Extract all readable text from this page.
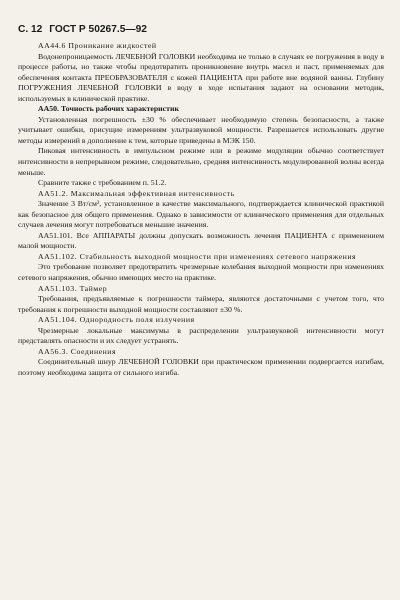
С. 12 ГОСТ Р 50267.5—92

АА44.6 Проникание жидкостей

Водонепроницаемость ЛЕЧЕБНОЙ ГОЛОВКИ необходима не только в случаях ее погружения в воду в процессе работы, но также чтобы предотвратить проникновение внутрь масел и паст, применяемых для обеспечения контакта ПРЕОБРАЗОВАТЕЛЯ с кожей ПАЦИЕНТА при работе вне водяной ванны. Глубину ПОГРУЖЕНИЯ ЛЕЧЕБНОЙ ГОЛОВКИ в воду в ходе испытания задают на основании методик, используемых в клинической практике.

АА50. Точность рабочих характеристик

Установленная погрешность ±30 % обеспечивает необходимую степень безопасности, а также учитывает ошибки, присущие измерениям ультразвуковой мощности. Разрешается использовать другие методы измерений в дополнение к тем, которые приведены в МЭК 150.

Пиковая интенсивность в импульсном режиме или в режиме модуляции обычно соответствует интенсивности в непрерывном режиме, следовательно, средняя интенсивность модулированной волны всегда меньше.

Сравните также с требованием п. 51.2.

АА51.2. Максимальная эффективная интенсивность

Значение 3 Вт/см², установленное в качестве максимального, подтверждается клинической практикой как безопасное для общего применения. Однако в зависимости от клинического применения для отдельных случаев лечения могут потребоваться меньшие значения.

АА51.101. Все АППАРАТЫ должны допускать возможность лечения ПАЦИЕНТА с применением малой мощности.

АА51.102. Стабильность выходной мощности при изменениях сетевого напряжения

Это требование позволяет предотвратить чрезмерные колебания выходной мощности при изменениях сетевого напряжения, обычно имеющих место на практике.

АА51.103. Таймер

Требования, предъявляемые к погрешности таймера, являются достаточными с учетом того, что требования к погрешности выходной мощности составляют ±30 %.

АА51.104. Однородность поля излучения

Чрезмерные локальные максимумы в распределении ультразвуковой интенсивности могут представлять опасности и их следует устранять.

АА56.3. Соединения

Соединительный шнур ЛЕЧЕБНОЙ ГОЛОВКИ при практическом применении подвергается изгибам, поэтому необходима защита от сильного изгиба.
